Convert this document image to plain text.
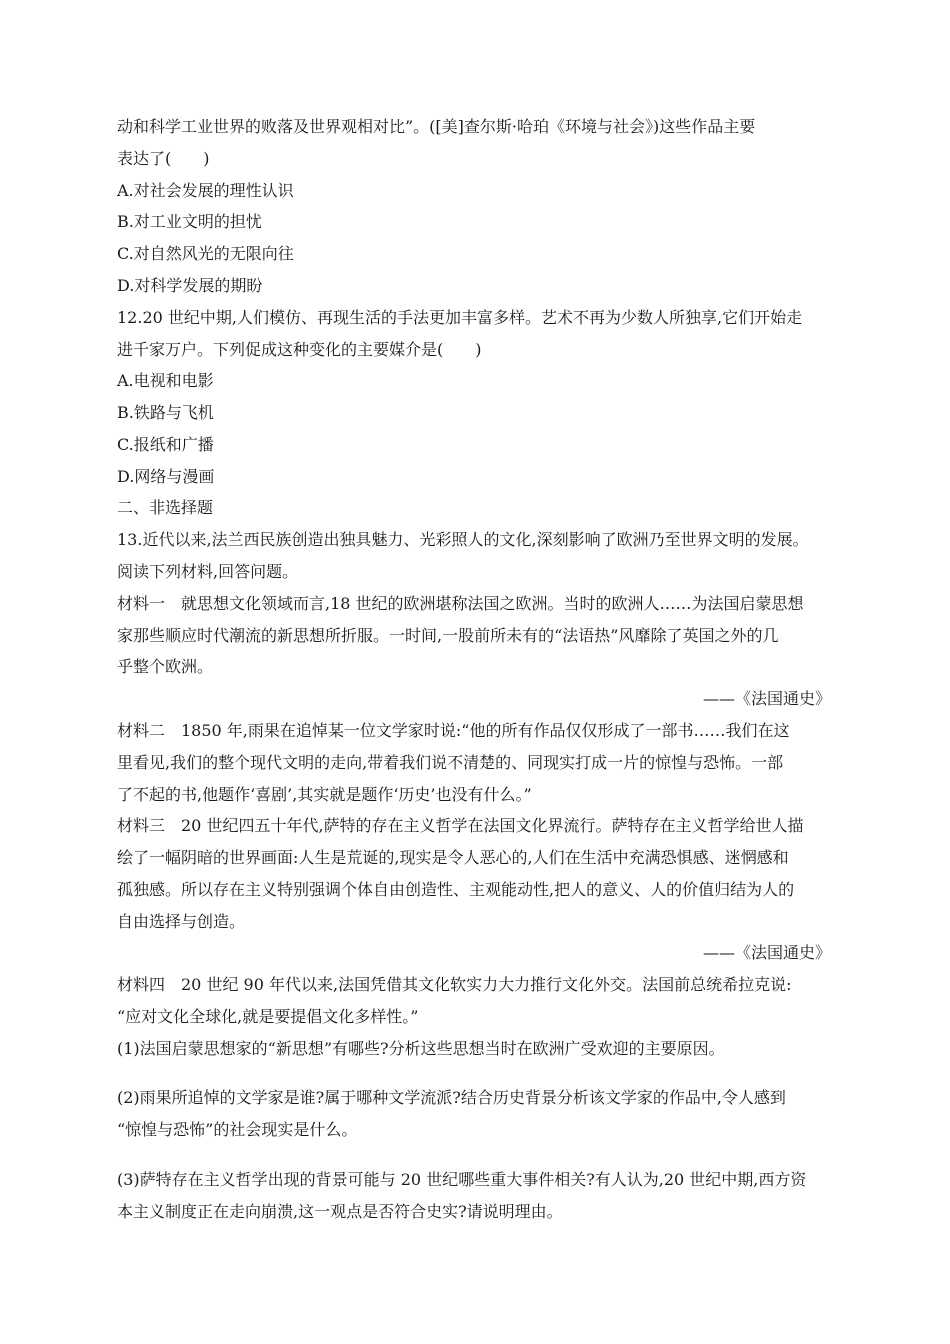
动和科学工业世界的败落及世界观相对比”。([美]查尔斯·哈珀《环境与社会》)这些作品主要
表达了(　　)
A.对社会发展的理性认识
B.对工业文明的担忧
C.对自然风光的无限向往
D.对科学发展的期盼
12.20 世纪中期,人们模仿、再现生活的手法更加丰富多样。艺术不再为少数人所独享,它们开始走
进千家万户。下列促成这种变化的主要媒介是(　　)
A.电视和电影
B.铁路与飞机
C.报纸和广播
D.网络与漫画
二、非选择题
13.近代以来,法兰西民族创造出独具魅力、光彩照人的文化,深刻影响了欧洲乃至世界文明的发展。
阅读下列材料,回答问题。
材料一　就思想文化领域而言,18 世纪的欧洲堪称法国之欧洲。当时的欧洲人……为法国启蒙思想
家那些顺应时代潮流的新思想所折服。一时间,一股前所未有的“法语热”风靡除了英国之外的几
乎整个欧洲。
——《法国通史》
材料二　1850 年,雨果在追悼某一位文学家时说:“他的所有作品仅仅形成了一部书……我们在这
里看见,我们的整个现代文明的走向,带着我们说不清楚的、同现实打成一片的惊惶与恐怖。一部
了不起的书,他题作‘喜剧’,其实就是题作‘历史’也没有什么。”
材料三　20 世纪四五十年代,萨特的存在主义哲学在法国文化界流行。萨特存在主义哲学给世人描
绘了一幅阴暗的世界画面:人生是荒诞的,现实是令人恶心的,人们在生活中充满恐惧感、迷惘感和
孤独感。所以存在主义特别强调个体自由创造性、主观能动性,把人的意义、人的价值归结为人的
自由选择与创造。
——《法国通史》
材料四　20 世纪 90 年代以来,法国凭借其文化软实力大力推行文化外交。法国前总统希拉克说:
“应对文化全球化,就是要提倡文化多样性。”
(1)法国启蒙思想家的“新思想”有哪些?分析这些思想当时在欧洲广受欢迎的主要原因。
(2)雨果所追悼的文学家是谁?属于哪种文学流派?结合历史背景分析该文学家的作品中,令人感到
“惊惶与恐怖”的社会现实是什么。
(3)萨特存在主义哲学出现的背景可能与 20 世纪哪些重大事件相关?有人认为,20 世纪中期,西方资
本主义制度正在走向崩溃,这一观点是否符合史实?请说明理由。
